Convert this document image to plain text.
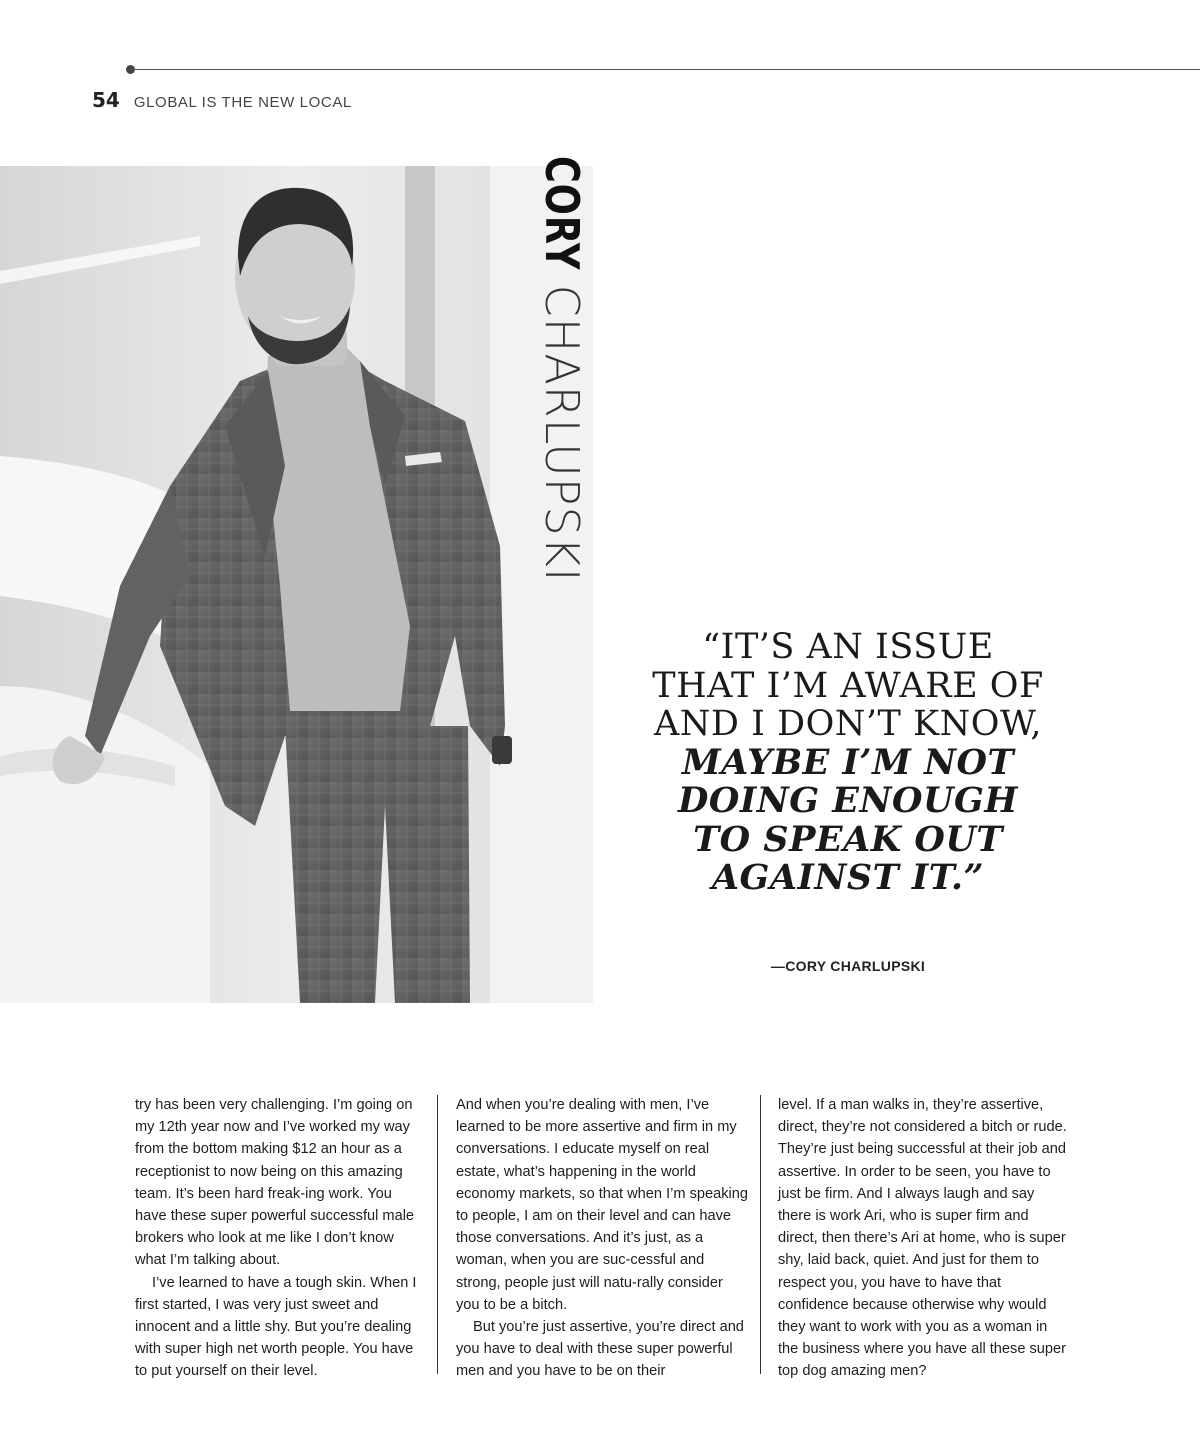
54 GLOBAL IS THE NEW LOCAL
CORYCHARLUPSKI
“IT’S AN ISSUE THAT I’M AWARE OF AND I DON’T KNOW, MAYBE I’M NOT DOING ENOUGH TO SPEAK OUT AGAINST IT.”
—CORY CHARLUPSKI

try has been very challenging. I’m going on my 12th year now and I’ve worked my way from the bottom making $12 an hour as a receptionist to now being on this amazing team. It’s been hard freak-ing work. You have these super powerful successful male brokers who look at me like I don’t know what I’m talking about.

I’ve learned to have a tough skin. When I first started, I was very just sweet and innocent and a little shy. But you’re dealing with super high net worth people. You have to put yourself on their level.

And when you’re dealing with men, I’ve learned to be more assertive and firm in my conversations. I educate myself on real estate, what’s happening in the world economy markets, so that when I’m speaking to people, I am on their level and can have those conversations. And it’s just, as a woman, when you are suc-cessful and strong, people just will natu-rally consider you to be a bitch.

But you’re just assertive, you’re direct and you have to deal with these super powerful men and you have to be on their

level. If a man walks in, they’re assertive, direct, they’re not considered a bitch or rude. They’re just being successful at their job and assertive. In order to be seen, you have to just be firm. And I always laugh and say there is work Ari, who is super firm and direct, then there’s Ari at home, who is super shy, laid back, quiet. And just for them to respect you, you have to have that confidence because otherwise why would they want to work with you as a woman in the business where you have all these super top dog amazing men?
